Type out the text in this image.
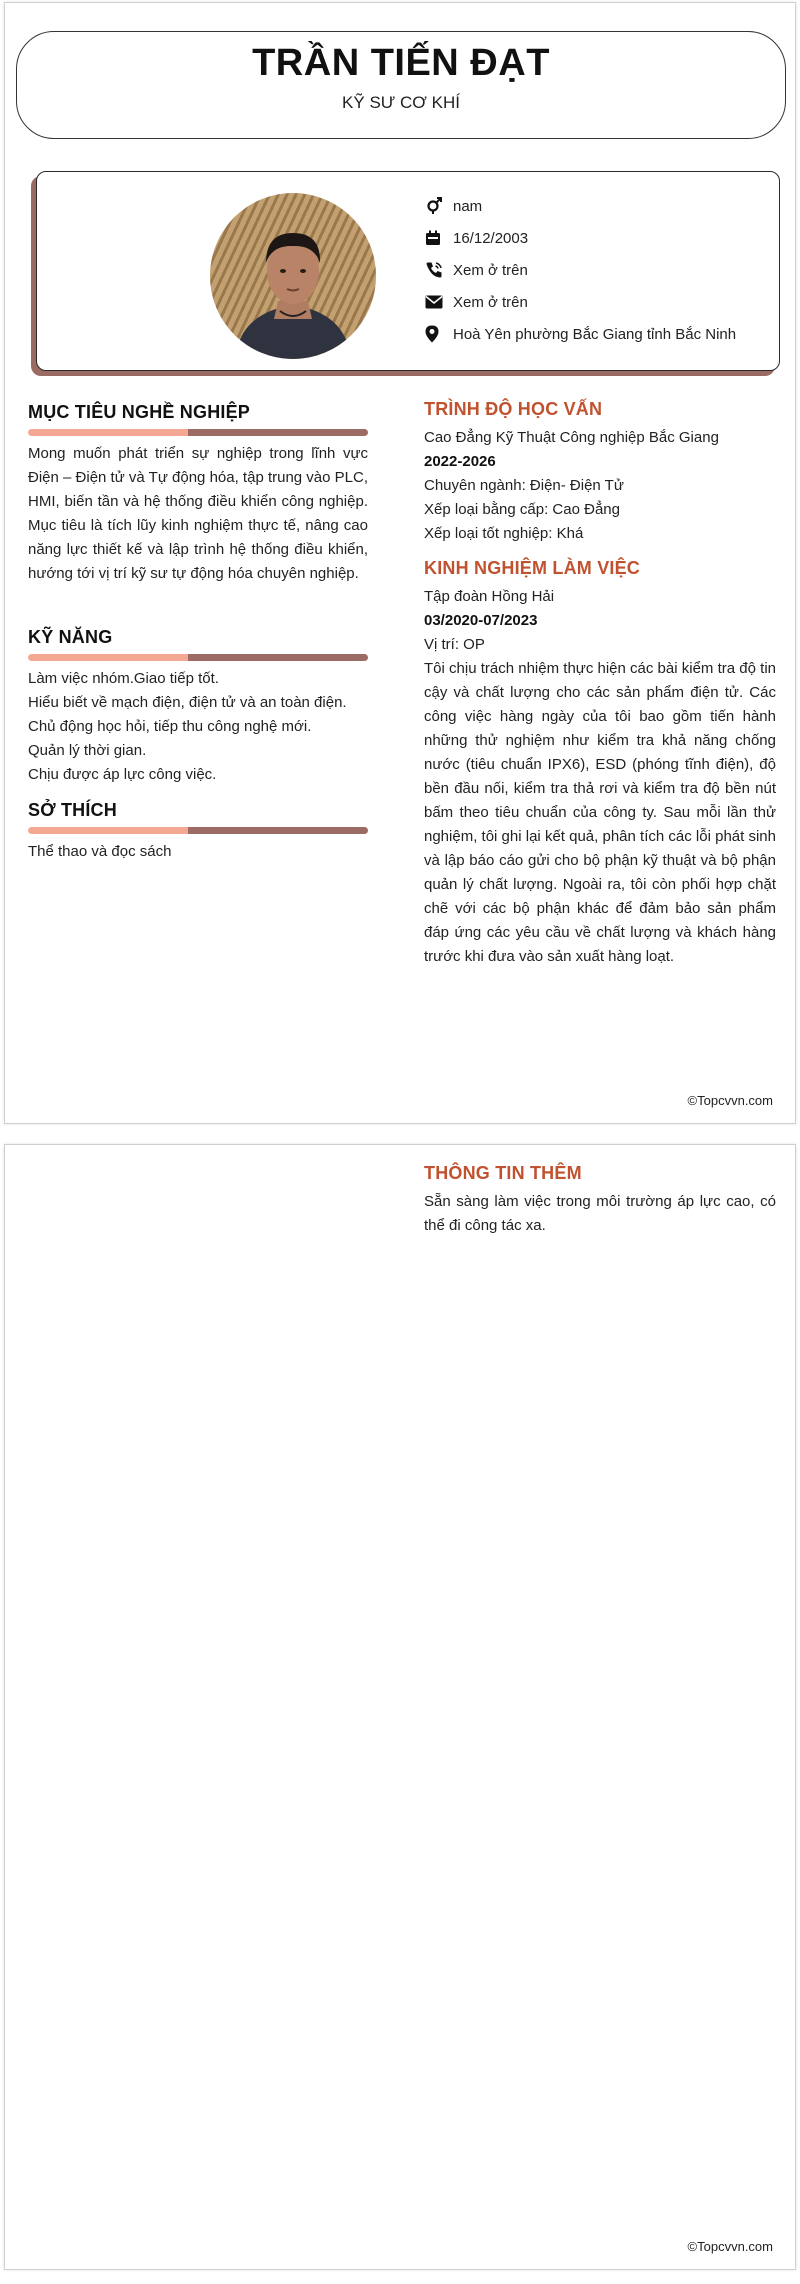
TRẦN TIẾN ĐẠT
KỸ SƯ CƠ KHÍ
nam
16/12/2003
Xem ở trên
Xem ở trên
Hoà Yên phường Bắc Giang tỉnh Bắc Ninh
MỤC TIÊU NGHỀ NGHIỆP
Mong muốn phát triển sự nghiệp trong lĩnh vực Điện – Điện tử và Tự động hóa, tập trung vào PLC, HMI, biến tần và hệ thống điều khiển công nghiệp. Mục tiêu là tích lũy kinh nghiệm thực tế, nâng cao năng lực thiết kế và lập trình hệ thống điều khiển, hướng tới vị trí kỹ sư tự động hóa chuyên nghiệp.
KỸ NĂNG
Làm việc nhóm.Giao tiếp tốt.
Hiểu biết về mạch điện, điện tử và an toàn điện.
Chủ động học hỏi, tiếp thu công nghệ mới.
Quản lý thời gian.
Chịu được áp lực công việc.
SỞ THÍCH
Thể thao và đọc sách
TRÌNH ĐỘ HỌC VẤN
Cao Đẳng Kỹ Thuật Công nghiệp Bắc Giang
2022-2026
Chuyên ngành: Điện- Điện Tử
Xếp loại bằng cấp: Cao Đẳng
Xếp loại tốt nghiệp: Khá
KINH NGHIỆM LÀM VIỆC
Tập đoàn Hồng Hải
03/2020-07/2023
Vị trí: OP
Tôi chịu trách nhiệm thực hiện các bài kiểm tra độ tin cậy và chất lượng cho các sản phẩm điện tử. Các công việc hàng ngày của tôi bao gồm tiến hành những thử nghiệm như kiểm tra khả năng chống nước (tiêu chuẩn IPX6), ESD (phóng tĩnh điện), độ bền đầu nối, kiểm tra thả rơi và kiểm tra độ bền nút bấm theo tiêu chuẩn của công ty. Sau mỗi lần thử nghiệm, tôi ghi lại kết quả, phân tích các lỗi phát sinh và lập báo cáo gửi cho bộ phận kỹ thuật và bộ phận quản lý chất lượng. Ngoài ra, tôi còn phối hợp chặt chẽ với các bộ phận khác để đảm bảo sản phẩm đáp ứng các yêu cầu về chất lượng và khách hàng trước khi đưa vào sản xuất hàng loạt.
©Topcvvn.com
THÔNG TIN THÊM
Sẵn sàng làm việc trong môi trường áp lực cao, có thể đi công tác xa.
©Topcvvn.com
